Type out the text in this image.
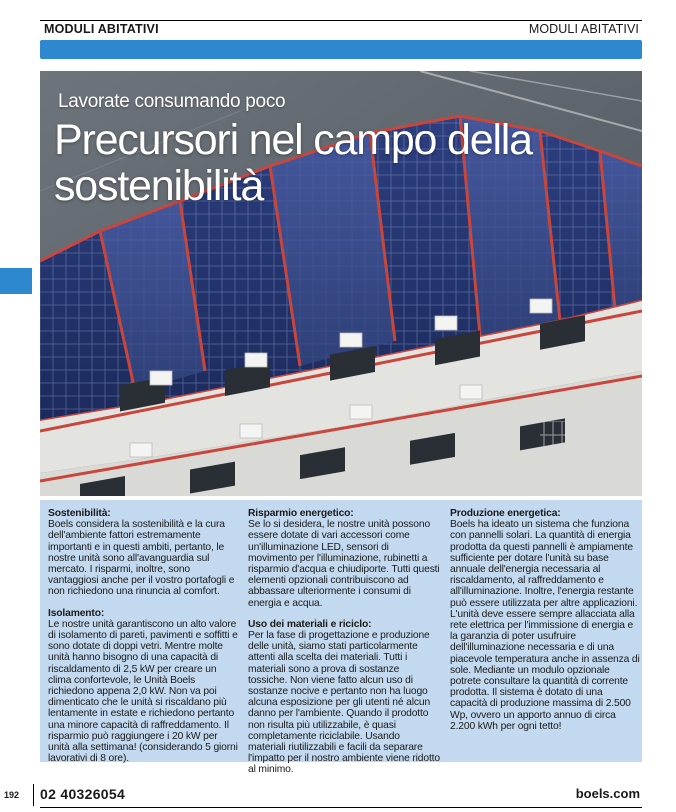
MODULI ABITATIVI	MODULI ABITATIVI
Lavorate consumando poco
Precursori nel campo della sostenibilità
Sostenibilità:

Boels considera la sostenibilità e la cura dell'ambiente fattori estremamente importanti e in questi ambiti, pertanto, le nostre unità sono all'avanguardia sul mercato. I risparmi, inoltre, sono vantaggiosi anche per il vostro portafogli e non richiedono una rinuncia al comfort.

Isolamento:

Le nostre unità garantiscono un alto valore di isolamento di pareti, pavimenti e soffitti e sono dotate di doppi vetri. Mentre molte unità hanno bisogno di una capacità di riscaldamento di 2,5 kW per creare un clima confortevole, le Unità Boels richiedono appena 2,0 kW. Non va poi dimenticato che le unità si riscaldano più lentamente in estate e richiedono pertanto una minore capacità di raffreddamento. Il risparmio può raggiungere i 20 kW per unità alla settimana! (considerando 5 giorni lavorativi di 8 ore).

Risparmio energetico:

Se lo si desidera, le nostre unità possono essere dotate di vari accessori come un'illuminazione LED, sensori di movimento per l'illuminazione, rubinetti a risparmio d'acqua e chiudiporte. Tutti questi elementi opzionali contribuiscono ad abbassare ulteriormente i consumi di energia e acqua.

Uso dei materiali e riciclo:

Per la fase di progettazione e produzione delle unità, siamo stati particolarmente attenti alla scelta dei materiali. Tutti i materiali sono a prova di sostanze tossiche. Non viene fatto alcun uso di sostanze nocive e pertanto non ha luogo alcuna esposizione per gli utenti né alcun danno per l'ambiente. Quando il prodotto non risulta più utilizzabile, è quasi completamente riciclabile. Usando materiali riutilizzabili e facili da separare l'impatto per il nostro ambiente viene ridotto al minimo.

Produzione energetica:

Boels ha ideato un sistema che funziona con pannelli solari. La quantità di energia prodotta da questi pannelli è ampiamente sufficiente per dotare l'unità su base annuale dell'energia necessaria al riscaldamento, al raffreddamento e all'illuminazione. Inoltre, l'energia restante può essere utilizzata per altre applicazioni. L'unità deve essere sempre allacciata alla rete elettrica per l'immissione di energia e la garanzia di poter usufruire dell'illuminazione necessaria e di una piacevole temperatura anche in assenza di sole. Mediante un modulo opzionale potrete consultare la quantità di corrente prodotta. Il sistema è dotato di una capacità di produzione massima di 2.500 Wp, ovvero un apporto annuo di circa 2.200 kWh per ogni tetto!

192 02 40326054	boels.com
